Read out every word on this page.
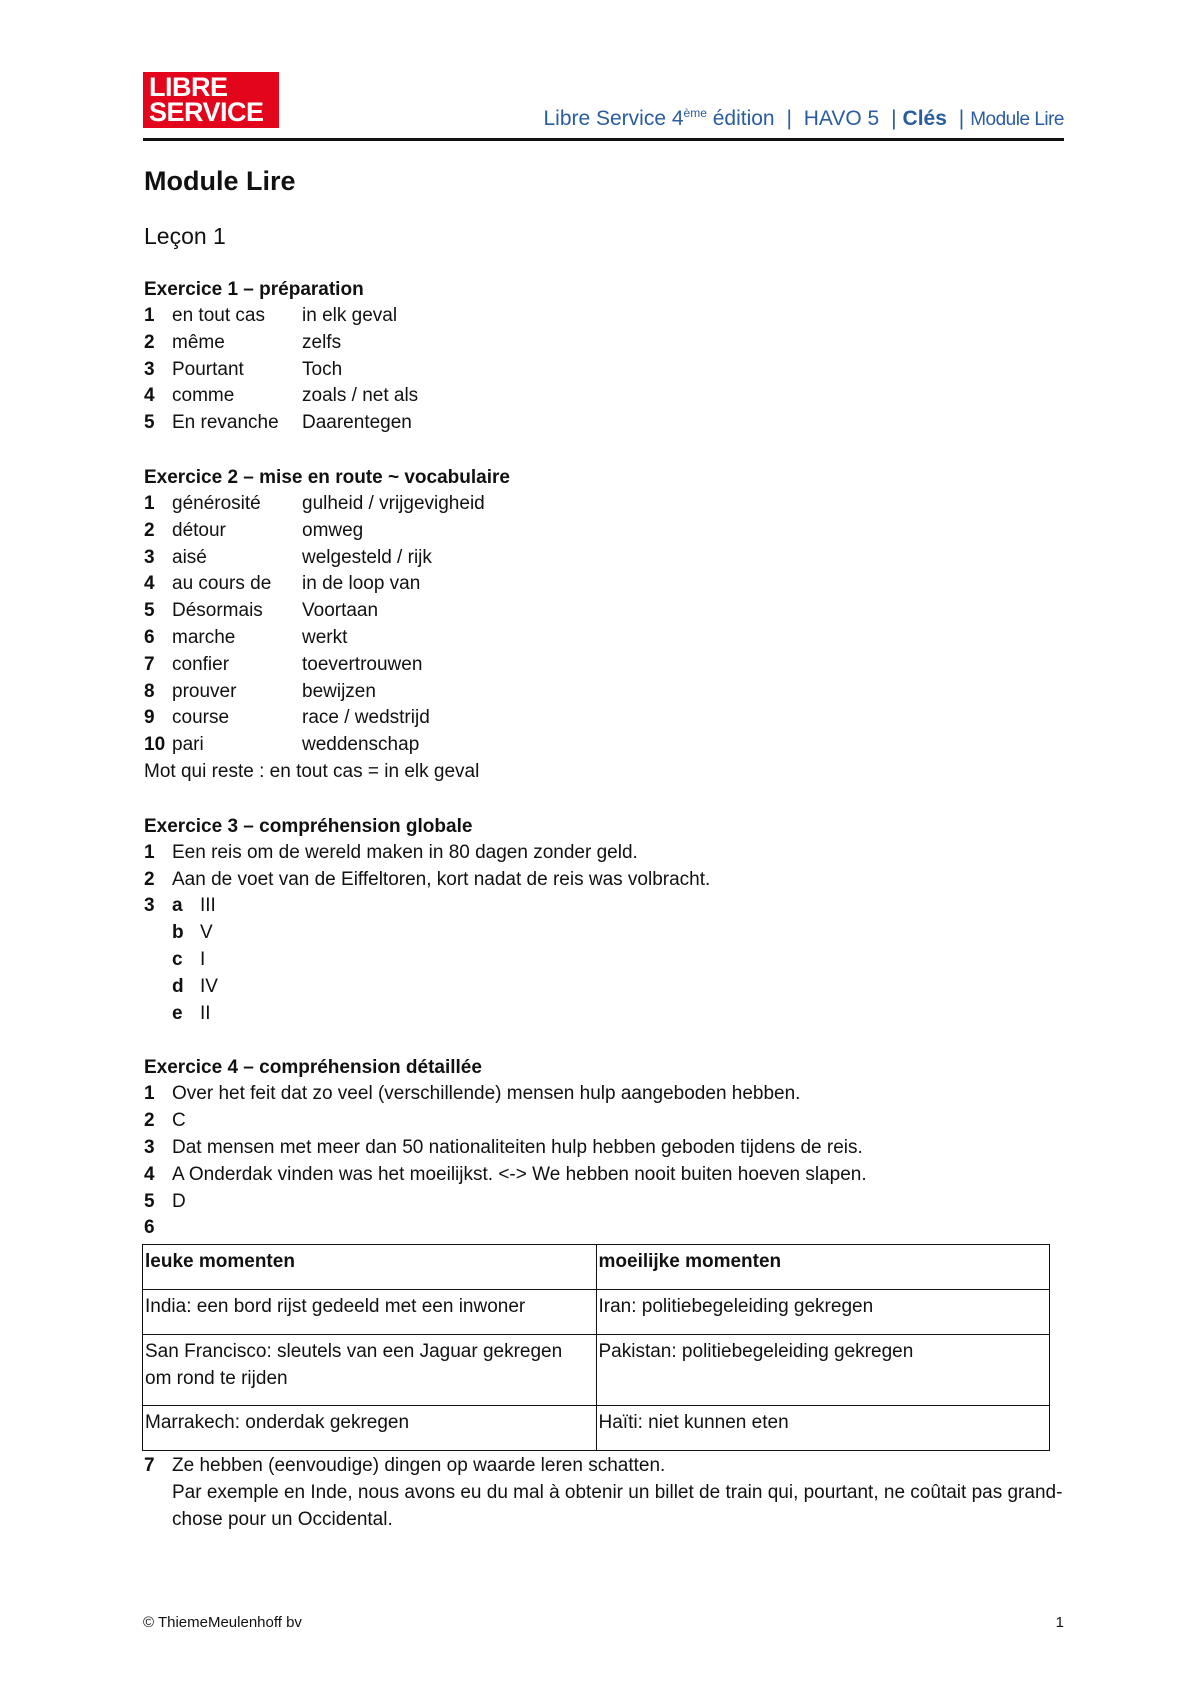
LIBRE
SERVICE	Libre Service 4ème édition | HAVO 5 | Clés | Module Lire
Module Lire
Leçon 1
Exercice 1 – préparation
1 en tout cas	in elk geval
2 même	zelfs
3 Pourtant	Toch
4 comme	zoals / net als
5 En revanche	Daarentegen
Exercice 2 – mise en route ~ vocabulaire
1 générosité	gulheid / vrijgevigheid
2 détour	omweg
3 aisé	welgesteld / rijk
4 au cours de	in de loop van
5 Désormais	Voortaan
6 marche	werkt
7 confier	toevertrouwen
8 prouver	bewijzen
9 course	race / wedstrijd
10 pari	weddenschap
Mot qui reste : en tout cas = in elk geval
Exercice 3 – compréhension globale
1 Een reis om de wereld maken in 80 dagen zonder geld.
2 Aan de voet van de Eiffeltoren, kort nadat de reis was volbracht.
3 a III
b V
c I
d IV
e II
Exercice 4 – compréhension détaillée
1 Over het feit dat zo veel (verschillende) mensen hulp aangeboden hebben.
2 C
3 Dat mensen met meer dan 50 nationaliteiten hulp hebben geboden tijdens de reis.
4 A Onderdak vinden was het moeilijkst. <-> We hebben nooit buiten hoeven slapen.
5 D
6
leuke momenten	moeilijke momenten
India: een bord rijst gedeeld met een inwoner	Iran: politiebegeleiding gekregen
San Francisco: sleutels van een Jaguar gekregen om rond te rijden	Pakistan: politiebegeleiding gekregen
Marrakech: onderdak gekregen	Haïti: niet kunnen eten
7 Ze hebben (eenvoudige) dingen op waarde leren schatten.
Par exemple en Inde, nous avons eu du mal à obtenir un billet de train qui, pourtant, ne coûtait pas grand-chose pour un Occidental.
© ThiemeMeulenhoff bv	1
